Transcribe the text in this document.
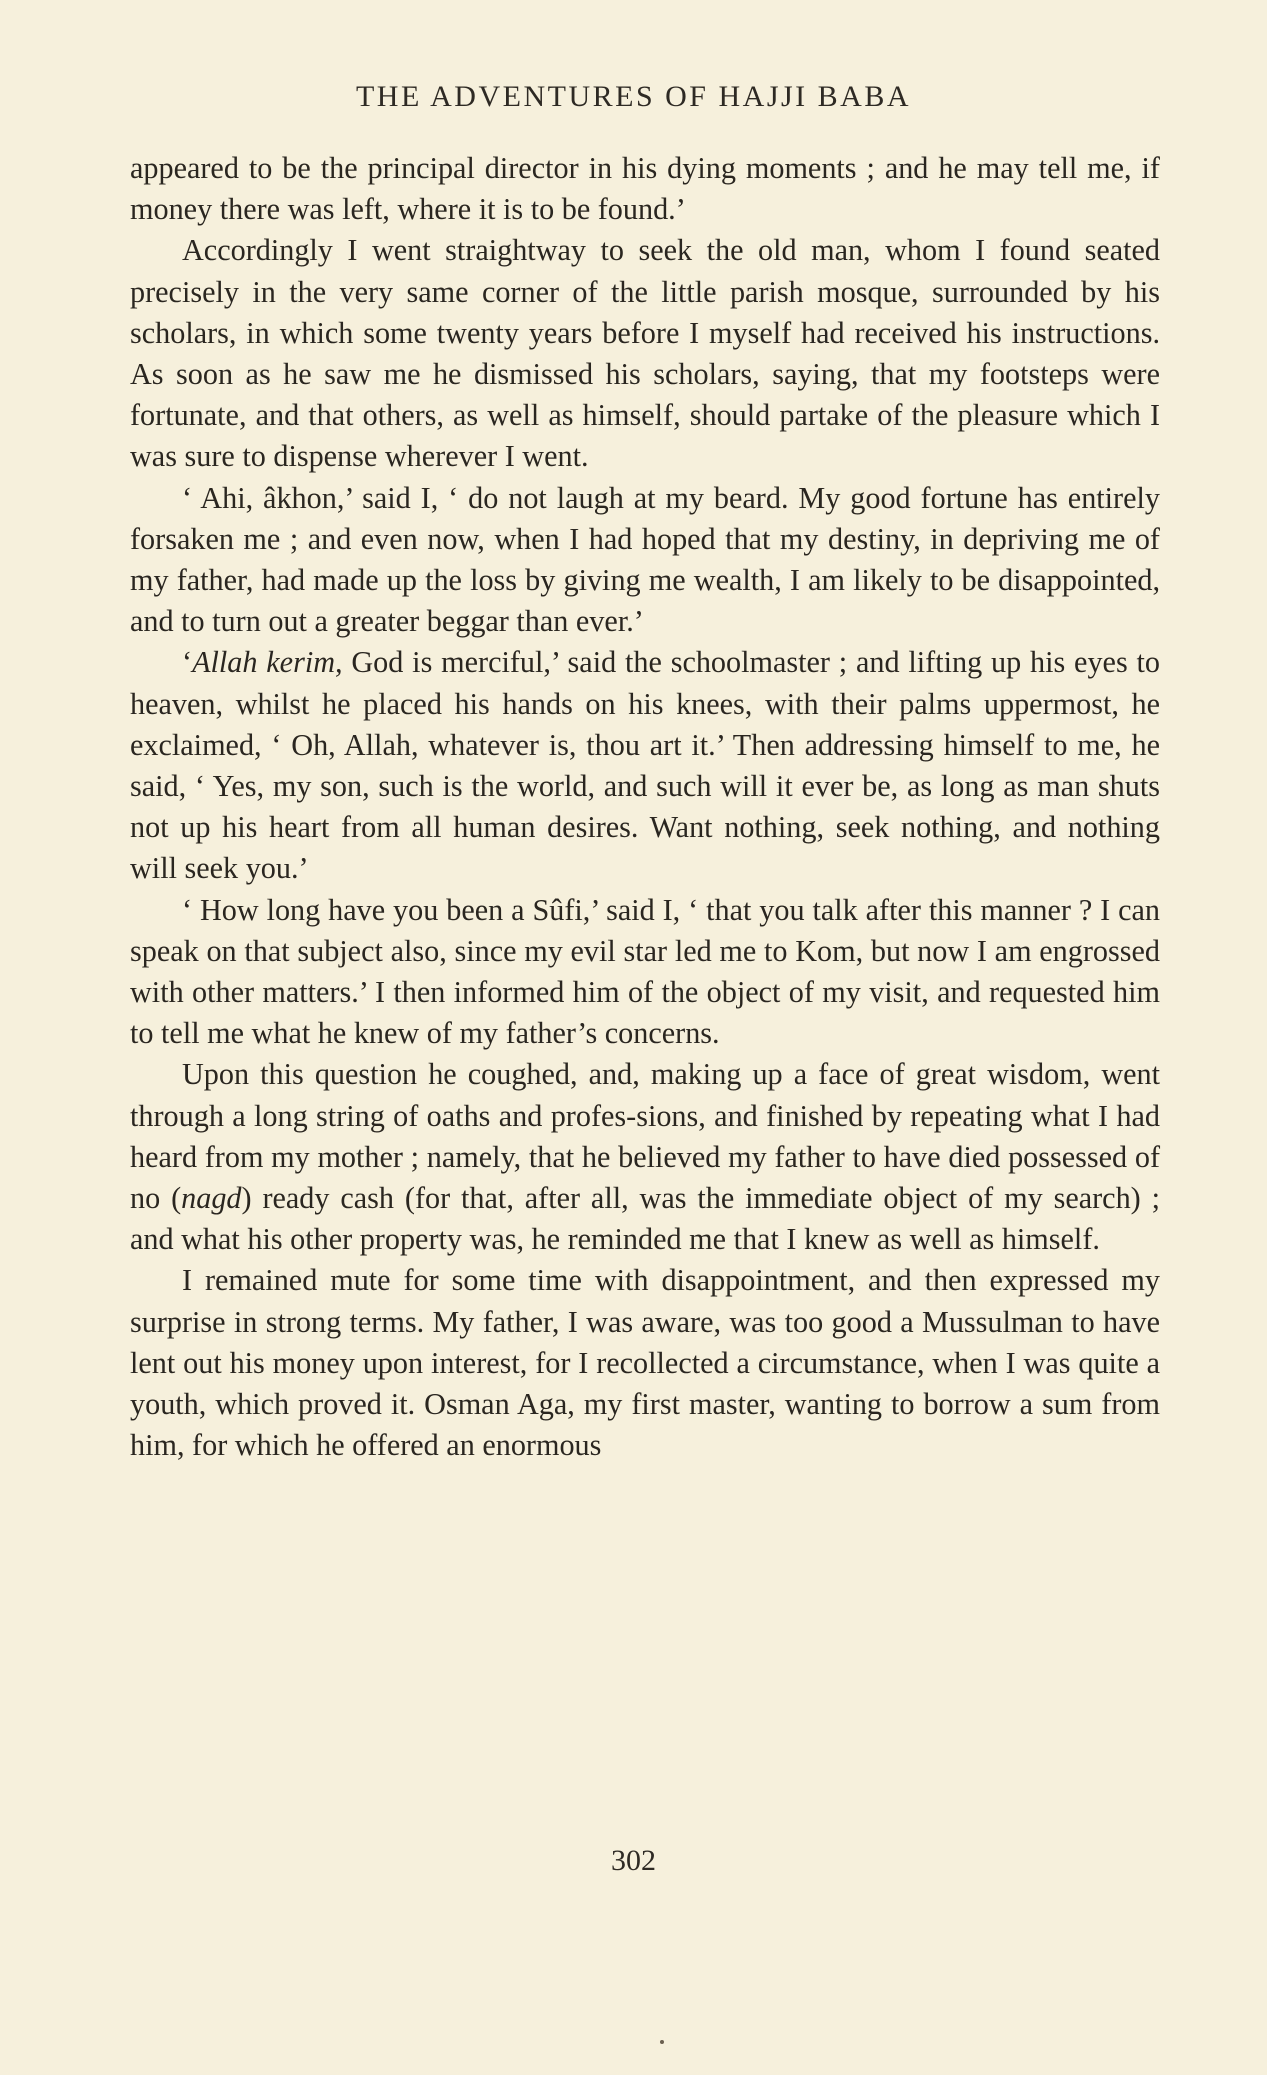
THE ADVENTURES OF HAJJI BABA

appeared to be the principal director in his dying moments ; and he may tell me, if money there was left, where it is to be found.’

Accordingly I went straightway to seek the old man, whom I found seated precisely in the very same corner of the little parish mosque, surrounded by his scholars, in which some twenty years before I myself had received his instructions. As soon as he saw me he dismissed his scholars, saying, that my footsteps were fortunate, and that others, as well as himself, should partake of the pleasure which I was sure to dispense wherever I went.

‘ Ahi, âkhon,’ said I, ‘ do not laugh at my beard. My good fortune has entirely forsaken me ; and even now, when I had hoped that my destiny, in depriving me of my father, had made up the loss by giving me wealth, I am likely to be disappointed, and to turn out a greater beggar than ever.’

‘Allah kerim, God is merciful,’ said the schoolmaster ; and lifting up his eyes to heaven, whilst he placed his hands on his knees, with their palms uppermost, he exclaimed, ‘ Oh, Allah, whatever is, thou art it.’ Then addressing himself to me, he said, ‘ Yes, my son, such is the world, and such will it ever be, as long as man shuts not up his heart from all human desires. Want nothing, seek nothing, and nothing will seek you.’

‘ How long have you been a Sûfi,’ said I, ‘ that you talk after this manner ? I can speak on that subject also, since my evil star led me to Kom, but now I am engrossed with other matters.’ I then informed him of the object of my visit, and requested him to tell me what he knew of my father’s concerns.

Upon this question he coughed, and, making up a face of great wisdom, went through a long string of oaths and profes-sions, and finished by repeating what I had heard from my mother ; namely, that he believed my father to have died possessed of no (nagd) ready cash (for that, after all, was the immediate object of my search) ; and what his other property was, he reminded me that I knew as well as himself.

I remained mute for some time with disappointment, and then expressed my surprise in strong terms. My father, I was aware, was too good a Mussulman to have lent out his money upon interest, for I recollected a circumstance, when I was quite a youth, which proved it. Osman Aga, my first master, wanting to borrow a sum from him, for which he offered an enormous

302
